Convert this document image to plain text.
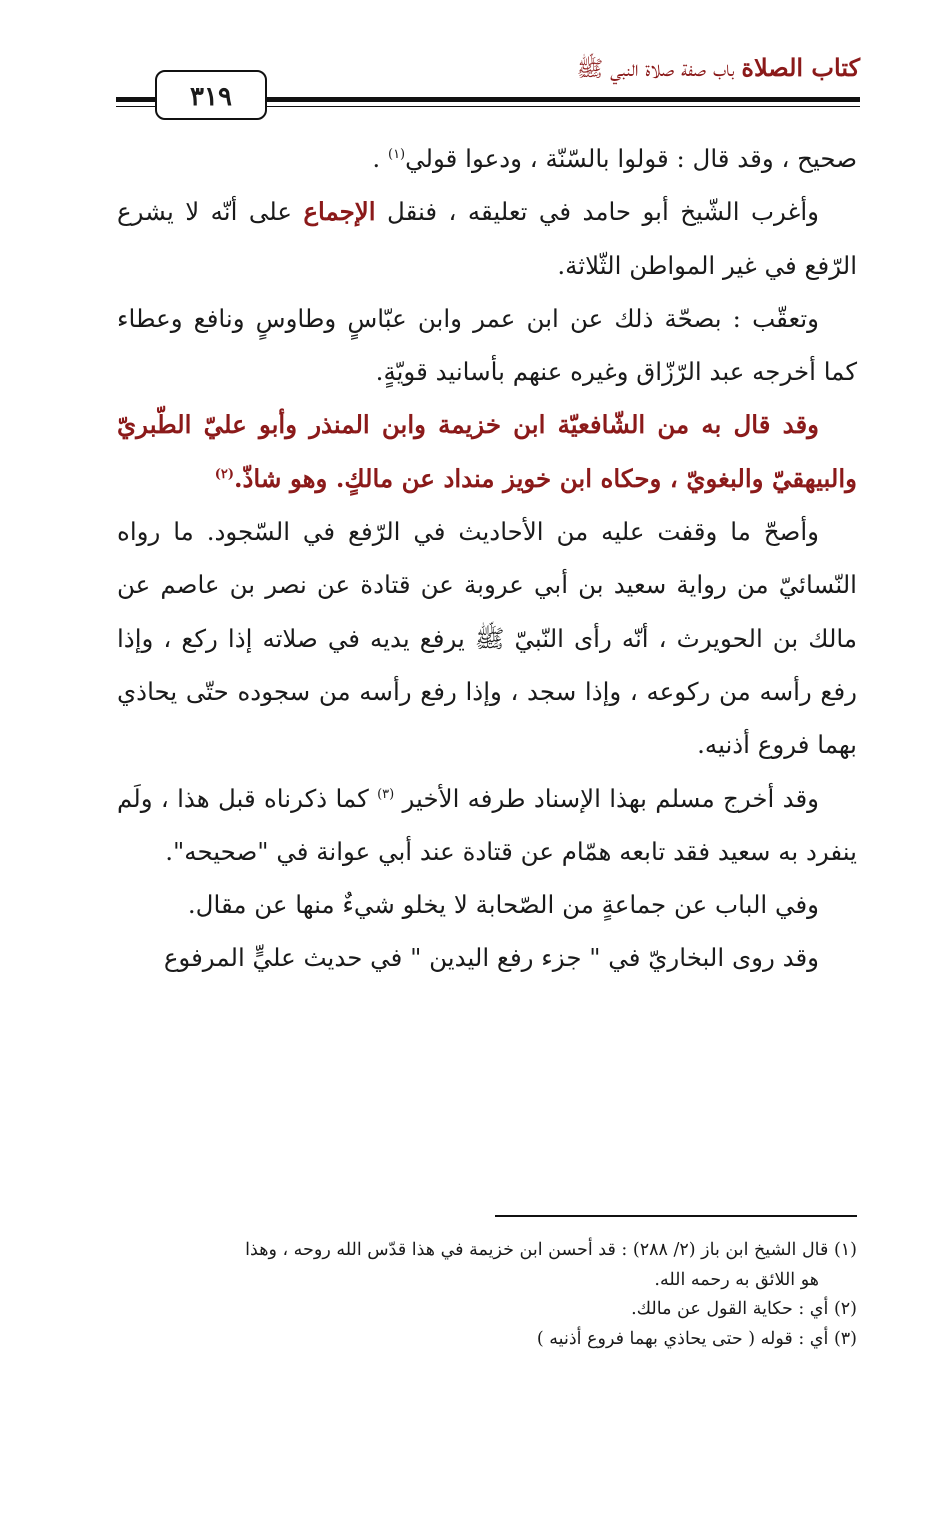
كتاب الصلاة باب صفة صلاة النبي ﷺ
٣١٩

صحيح ، وقد قال : قولوا بالسّنّة ، ودعوا قولي$^{(١)}$ .

وأغرب الشّيخ أبو حامد في تعليقه ، فنقل الإجماع على أنّه لا يشرع الرّفع في غير المواطن الثّلاثة.

وتعقّب : بصحّة ذلك عن ابن عمر وابن عبّاسٍ وطاوسٍ ونافع وعطاء كما أخرجه عبد الرّزّاق وغيره عنهم بأسانيد قويّةٍ.

وقد قال به من الشّافعيّة ابن خزيمة وابن المنذر وأبو عليّ الطّبريّ والبيهقيّ والبغويّ ، وحكاه ابن خويز منداد عن مالكٍ. وهو شاذّ.$^{(٢)}$

وأصحّ ما وقفت عليه من الأحاديث في الرّفع في السّجود. ما رواه النّسائيّ من رواية سعيد بن أبي عروبة عن قتادة عن نصر بن عاصم عن مالك بن الحويرث ، أنّه رأى النّبيّ ﷺ يرفع يديه في صلاته إذا ركع ، وإذا رفع رأسه من ركوعه ، وإذا سجد ، وإذا رفع رأسه من سجوده حتّى يحاذي بهما فروع أذنيه.

وقد أخرج مسلم بهذا الإسناد طرفه الأخير $^{(٣)}$ كما ذكرناه قبل هذا ، ولَم ينفرد به سعيد فقد تابعه همّام عن قتادة عند أبي عوانة في "صحيحه".

وفي الباب عن جماعةٍ من الصّحابة لا يخلو شيءٌ منها عن مقال.

وقد روى البخاريّ في " جزء رفع اليدين " في حديث عليٍّ المرفوع

(١) قال الشيخ ابن باز (٢/ ٢٨٨) : قد أحسن ابن خزيمة في هذا قدّس الله روحه ، وهذا

هو اللائق به رحمه الله.

(٢) أي : حكاية القول عن مالك.

(٣) أي : قوله ( حتى يحاذي بهما فروع أذنيه )
